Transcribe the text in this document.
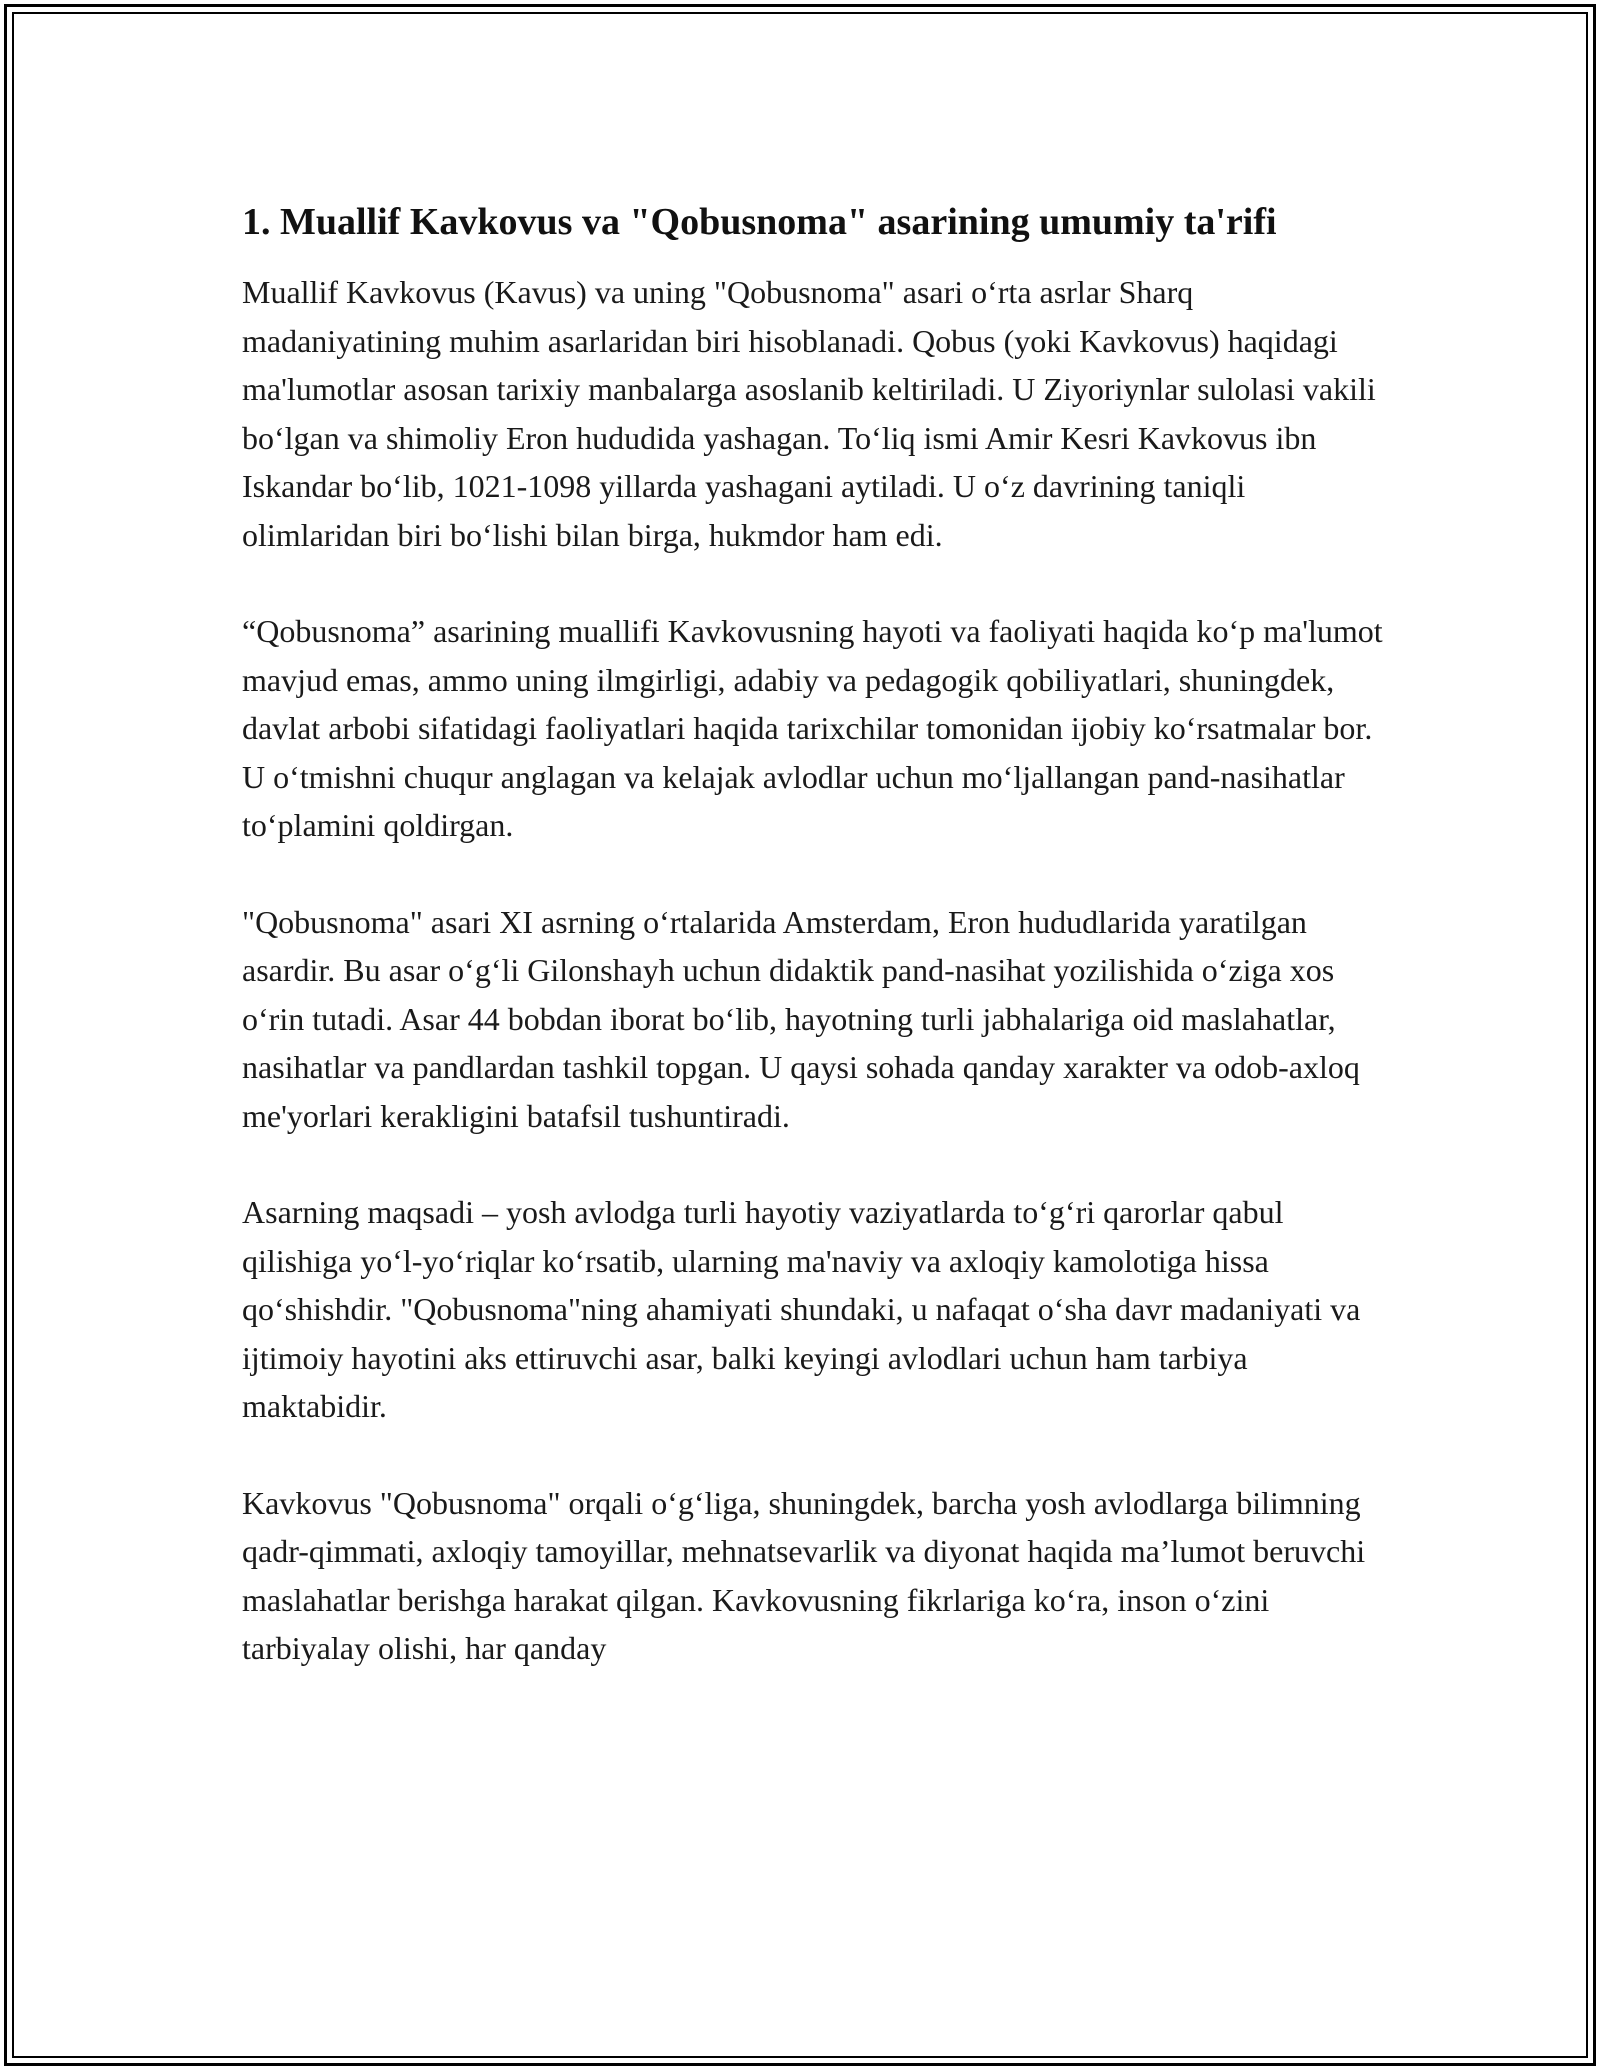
1. Muallif Kavkovus va "Qobusnoma" asarining umumiy ta'rifi

Muallif Kavkovus (Kavus) va uning "Qobusnoma" asari o‘rta asrlar Sharq madaniyatining muhim asarlaridan biri hisoblanadi. Qobus (yoki Kavkovus) haqidagi ma'lumotlar asosan tarixiy manbalarga asoslanib keltiriladi. U Ziyoriynlar sulolasi vakili bo‘lgan va shimoliy Eron hududida yashagan. To‘liq ismi Amir Kesri Kavkovus ibn Iskandar bo‘lib, 1021-1098 yillarda yashagani aytiladi. U o‘z davrining taniqli olimlaridan biri bo‘lishi bilan birga, hukmdor ham edi.

“Qobusnoma” asarining muallifi Kavkovusning hayoti va faoliyati haqida ko‘p ma'lumot mavjud emas, ammo uning ilmgirligi, adabiy va pedagogik qobiliyatlari, shuningdek, davlat arbobi sifatidagi faoliyatlari haqida tarixchilar tomonidan ijobiy ko‘rsatmalar bor. U o‘tmishni chuqur anglagan va kelajak avlodlar uchun mo‘ljallangan pand-nasihatlar to‘plamini qoldirgan.

"Qobusnoma" asari XI asrning o‘rtalarida Amsterdam, Eron hududlarida yaratilgan asardir. Bu asar o‘g‘li Gilonshayh uchun didaktik pand-nasihat yozilishida o‘ziga xos o‘rin tutadi. Asar 44 bobdan iborat bo‘lib, hayotning turli jabhalariga oid maslahatlar, nasihatlar va pandlardan tashkil topgan. U qaysi sohada qanday xarakter va odob-axloq me'yorlari kerakligini batafsil tushuntiradi.

Asarning maqsadi – yosh avlodga turli hayotiy vaziyatlarda to‘g‘ri qarorlar qabul qilishiga yo‘l-yo‘riqlar ko‘rsatib, ularning ma'naviy va axloqiy kamolotiga hissa qo‘shishdir. "Qobusnoma"ning ahamiyati shundaki, u nafaqat o‘sha davr madaniyati va ijtimoiy hayotini aks ettiruvchi asar, balki keyingi avlodlari uchun ham tarbiya maktabidir.

Kavkovus "Qobusnoma" orqali o‘g‘liga, shuningdek, barcha yosh avlodlarga bilimning qadr-qimmati, axloqiy tamoyillar, mehnatsevarlik va diyonat haqida ma’lumot beruvchi maslahatlar berishga harakat qilgan. Kavkovusning fikrlariga ko‘ra, inson o‘zini tarbiyalay olishi, har qanday
